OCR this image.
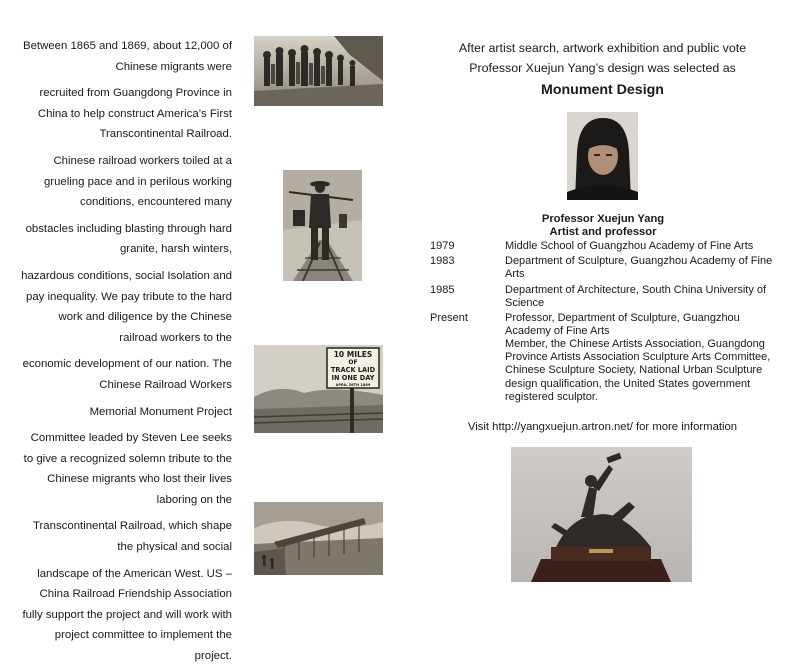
Between 1865 and 1869, about 12,000 of Chinese migrants were

recruited from Guangdong Province in China to help construct America’s First Transcontinental Railroad.

Chinese railroad workers toiled at a grueling pace and in perilous working conditions, encountered many

obstacles including blasting through hard granite, harsh winters,

hazardous conditions, social Isolation and pay inequality. We pay tribute to the hard work and diligence by the Chinese railroad workers to the

economic development of our nation. The Chinese Railroad Workers

Memorial Monument Project

Committee leaded by Steven Lee seeks to give a recognized solemn tribute to the Chinese migrants who lost their lives laboring on the

Transcontinental Railroad, which shape the physical and social

landscape of the American West. US – China Railroad Friendship Association fully support the project and will work with project committee to implement the project.

10 MILES
OF
TRACK LAID
IN ONE DAY
APRIL 28TH 1869
After artist search, artwork exhibition and public vote
Professor Xuejun Yang’s design was selected as
Monument Design
Professor Xuejun Yang
Artist and professor
1979	Middle School of Guangzhou Academy of Fine Arts
1983	Department of Sculpture, Guangzhou Academy of Fine Arts
1985	Department of Architecture, South China University of Science
Present	Professor, Department of Sculpture, Guangzhou Academy of Fine Arts
Member, the Chinese Artists Association, Guangdong Province Artists Association Sculpture Arts Committee, Chinese Sculpture Society, National Urban Sculpture design qualification, the United States government registered sculptor.
Visit http://yangxuejun.artron.net/ for more information
